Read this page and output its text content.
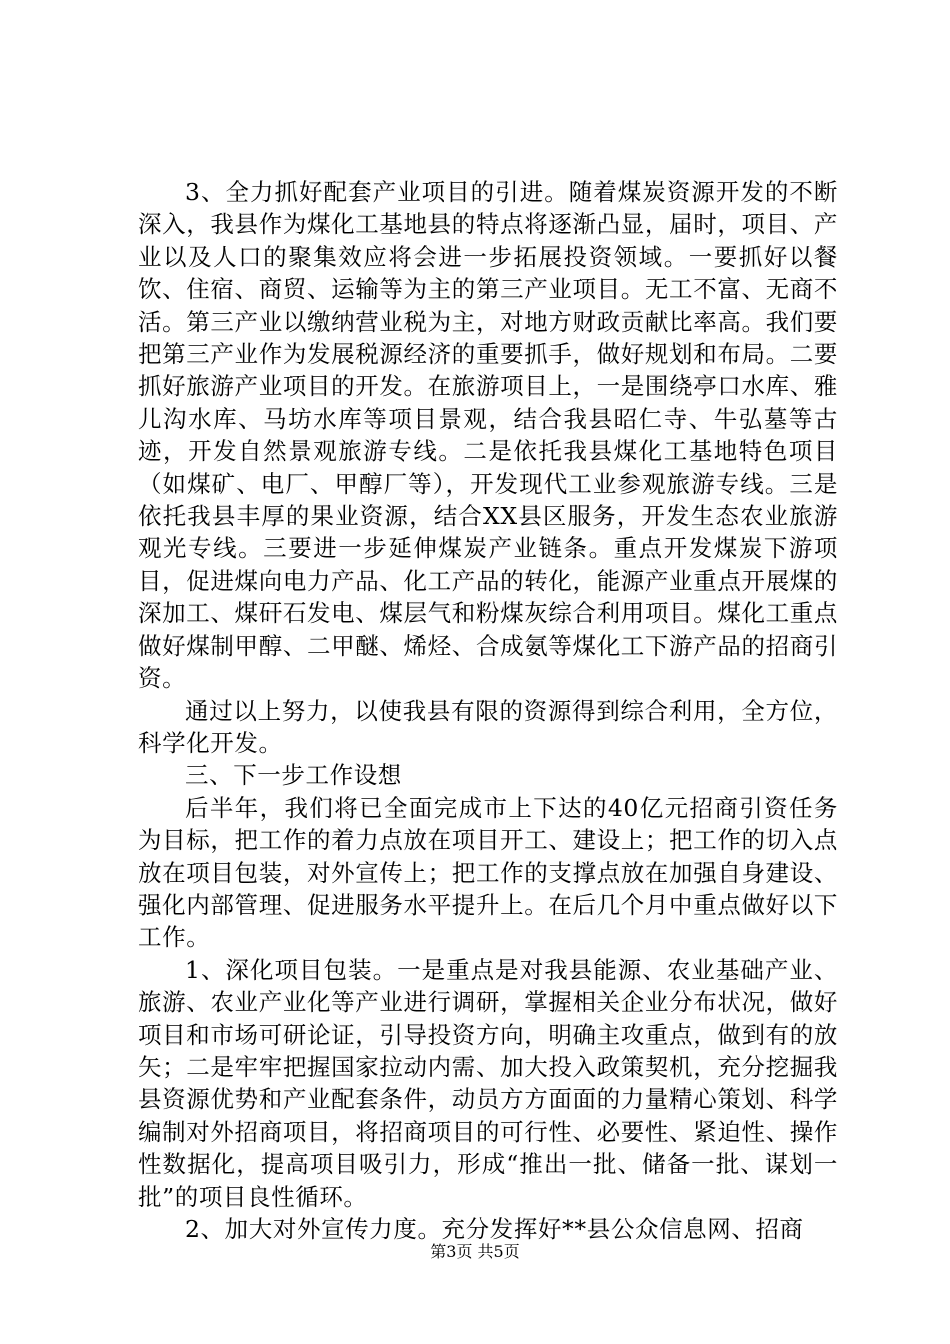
3、全力抓好配套产业项目的引进。随着煤炭资源开发的不断深入，我县作为煤化工基地县的特点将逐渐凸显，届时，项目、产业以及人口的聚集效应将会进一步拓展投资领域。一要抓好以餐饮、住宿、商贸、运输等为主的第三产业项目。无工不富、无商不活。第三产业以缴纳营业税为主，对地方财政贡献比率高。我们要把第三产业作为发展税源经济的重要抓手，做好规划和布局。二要抓好旅游产业项目的开发。在旅游项目上，一是围绕亭口水库、雅儿沟水库、马坊水库等项目景观，结合我县昭仁寺、牛弘墓等古迹，开发自然景观旅游专线。二是依托我县煤化工基地特色项目（如煤矿、电厂、甲醇厂等），开发现代工业参观旅游专线。三是依托我县丰厚的果业资源，结合XX县区服务，开发生态农业旅游观光专线。三要进一步延伸煤炭产业链条。重点开发煤炭下游项目，促进煤向电力产品、化工产品的转化，能源产业重点开展煤的深加工、煤矸石发电、煤层气和粉煤灰综合利用项目。煤化工重点做好煤制甲醇、二甲醚、烯烃、合成氨等煤化工下游产品的招商引资。

通过以上努力，以使我县有限的资源得到综合利用，全方位，科学化开发。

三、下一步工作设想

后半年，我们将已全面完成市上下达的40亿元招商引资任务为目标，把工作的着力点放在项目开工、建设上；把工作的切入点放在项目包装，对外宣传上；把工作的支撑点放在加强自身建设、强化内部管理、促进服务水平提升上。在后几个月中重点做好以下工作。

1、深化项目包装。一是重点是对我县能源、农业基础产业、旅游、农业产业化等产业进行调研，掌握相关企业分布状况，做好项目和市场可研论证，引导投资方向，明确主攻重点，做到有的放矢；二是牢牢把握国家拉动内需、加大投入政策契机，充分挖掘我县资源优势和产业配套条件，动员方方面面的力量精心策划、科学编制对外招商项目，将招商项目的可行性、必要性、紧迫性、操作性数据化，提高项目吸引力，形成“推出一批、储备一批、谋划一批”的项目良性循环。

2、加大对外宣传力度。充分发挥好**县公众信息网、招商

第3页 共5页
